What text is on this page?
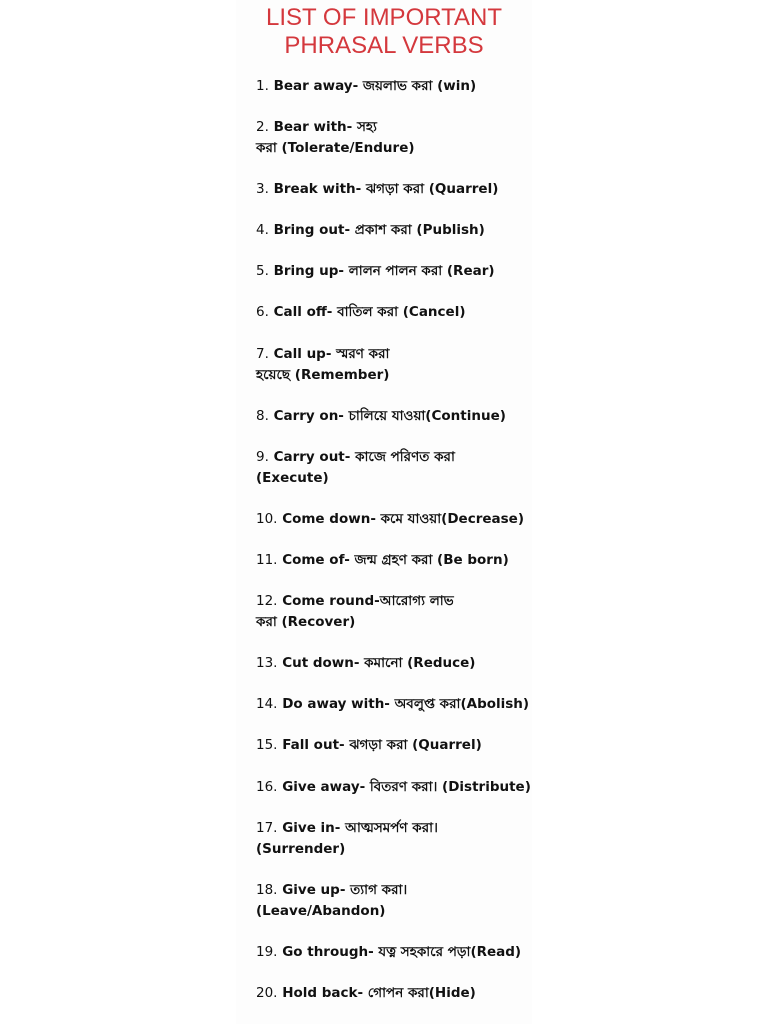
LIST OF IMPORTANT
PHRASAL VERBS
1. Bear away- জয়লাভ করা (win)
2. Bear with- সহ্য
করা (Tolerate/Endure)
3. Break with- ঝগড়া করা (Quarrel)
4. Bring out- প্রকাশ করা (Publish)
5. Bring up- লালন পালন করা (Rear)
6. Call off- বাতিল করা (Cancel)
7. Call up- স্মরণ করা
হয়েছে (Remember)
8. Carry on- চালিয়ে যাওয়া(Continue)
9. Carry out- কাজে পরিণত করা
(Execute)
10. Come down- কমে যাওয়া(Decrease)
11. Come of- জন্ম গ্রহণ করা (Be born)
12. Come round-আরোগ্য লাভ
করা (Recover)
13. Cut down- কমানো (Reduce)
14. Do away with- অবলুপ্ত করা(Abolish)
15. Fall out- ঝগড়া করা (Quarrel)
16. Give away- বিতরণ করা। (Distribute)
17. Give in- আত্মসমর্পণ করা।
(Surrender)
18. Give up- ত্যাগ করা।
(Leave/Abandon)
19. Go through- যত্ন সহকারে পড়া(Read)
20. Hold back- গোপন করা(Hide)
